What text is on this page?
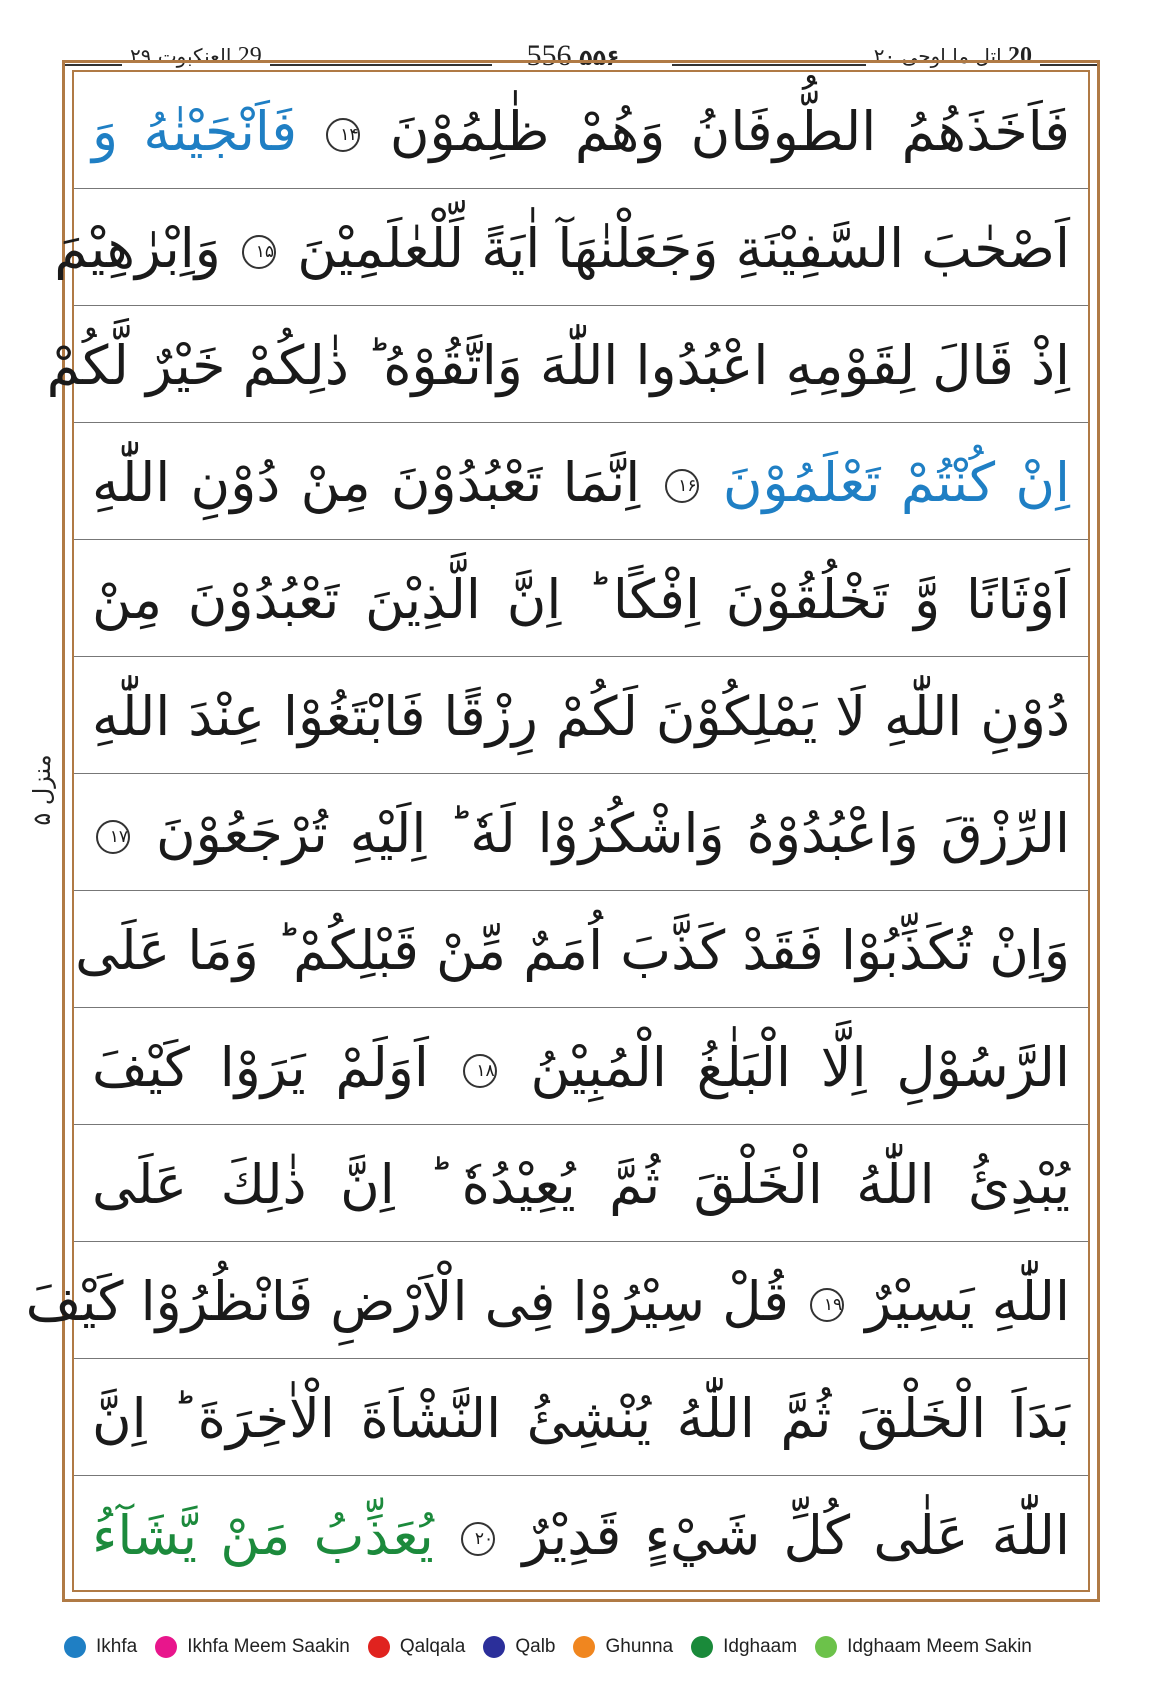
29 العنکبوت ۲۹	556 ۵۵۶	20 اتل ما اوحی ۲۰
منزل ۵
فَاَخَذَهُمُ الطُّوفَانُ وَهُمْ ظٰلِمُوْنَ ۱۴ فَاَنْجَيْنٰهُ وَ
اَصْحٰبَ السَّفِيْنَةِ وَجَعَلْنٰهَآ اٰيَةً لِّلْعٰلَمِيْنَ ۱۵ وَاِبْرٰهِيْمَ
اِذْ قَالَ لِقَوْمِهِ اعْبُدُوا اللّٰهَ وَاتَّقُوْهُ ؕ ذٰلِكُمْ خَيْرٌ لَّكُمْ
اِنْ كُنْتُمْ تَعْلَمُوْنَ ۱۶ اِنَّمَا تَعْبُدُوْنَ مِنْ دُوْنِ اللّٰهِ
اَوْثَانًا وَّ تَخْلُقُوْنَ اِفْكًا ؕ اِنَّ الَّذِيْنَ تَعْبُدُوْنَ مِنْ
دُوْنِ اللّٰهِ لَا يَمْلِكُوْنَ لَكُمْ رِزْقًا فَابْتَغُوْا عِنْدَ اللّٰهِ
الرِّزْقَ وَاعْبُدُوْهُ وَاشْكُرُوْا لَهٗ ؕ اِلَيْهِ تُرْجَعُوْنَ ۱۷
وَاِنْ تُكَذِّبُوْا فَقَدْ كَذَّبَ اُمَمٌ مِّنْ قَبْلِكُمْ ؕ وَمَا عَلَى
الرَّسُوْلِ اِلَّا الْبَلٰغُ الْمُبِيْنُ ۱۸ اَوَلَمْ يَرَوْا كَيْفَ
يُبْدِئُ اللّٰهُ الْخَلْقَ ثُمَّ يُعِيْدُهٗ ؕ اِنَّ ذٰلِكَ عَلَى
اللّٰهِ يَسِيْرٌ ۱۹ قُلْ سِيْرُوْا فِى الْاَرْضِ فَانْظُرُوْا كَيْفَ
بَدَاَ الْخَلْقَ ثُمَّ اللّٰهُ يُنْشِئُ النَّشْاَةَ الْاٰخِرَةَ ؕ اِنَّ
اللّٰهَ عَلٰى كُلِّ شَيْءٍ قَدِيْرٌ ۲۰ يُعَذِّبُ مَنْ يَّشَآءُ
Ikhfa	Ikhfa Meem Saakin	Qalqala	Qalb	Ghunna	Idghaam	Idghaam Meem Sakin
